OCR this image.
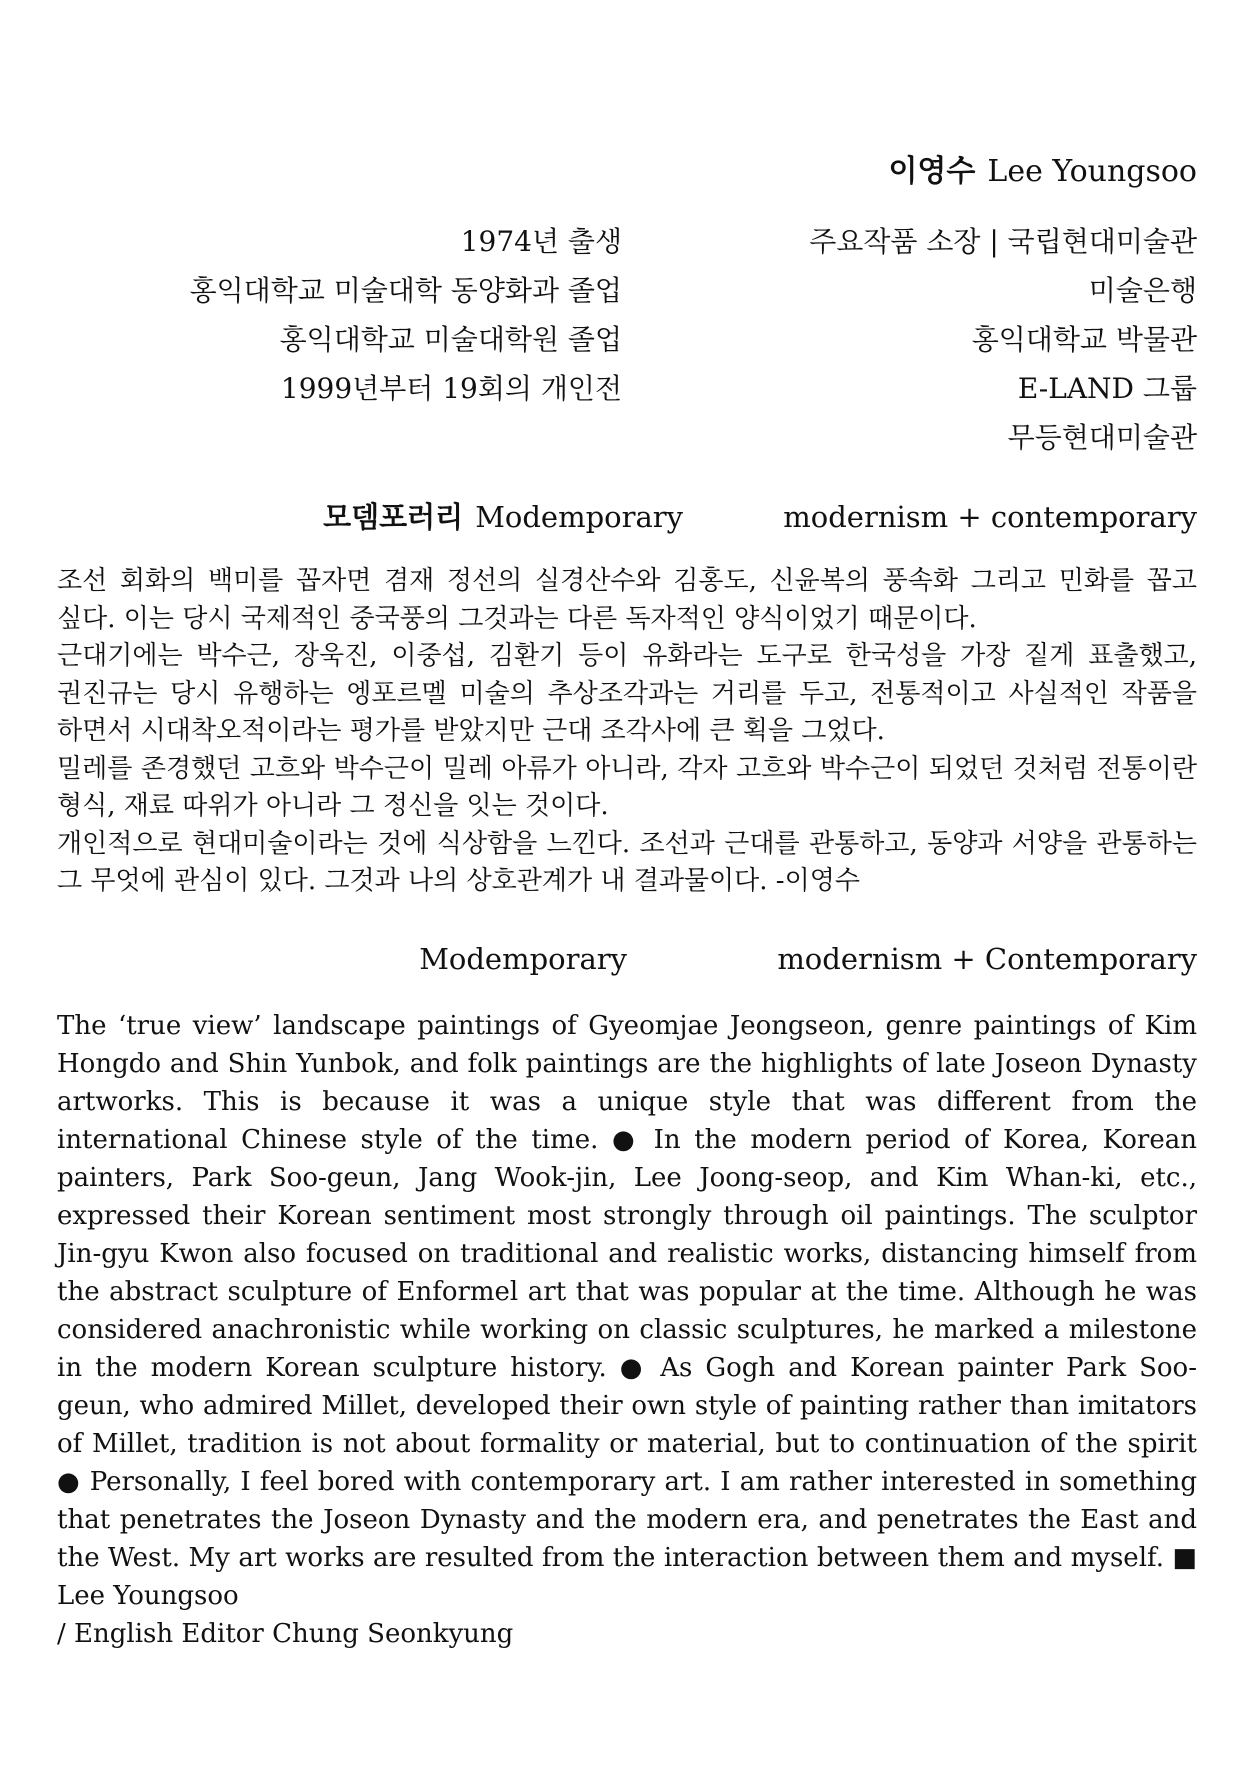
이영수 Lee Youngsoo
1974년 출생
홍익대학교 미술대학 동양화과 졸업
홍익대학교 미술대학원 졸업
1999년부터 19회의 개인전
주요작품 소장 | 국립현대미술관
미술은행
홍익대학교 박물관
E-LAND 그룹
무등현대미술관
모뎀포러리 Modemporary	modernism + contemporary

조선 회화의 백미를 꼽자면 겸재 정선의 실경산수와 김홍도, 신윤복의 풍속화 그리고 민화를 꼽고 싶다. 이는 당시 국제적인 중국풍의 그것과는 다른 독자적인 양식이었기 때문이다.

근대기에는 박수근, 장욱진, 이중섭, 김환기 등이 유화라는 도구로 한국성을 가장 짙게 표출했고, 권진규는 당시 유행하는 엥포르멜 미술의 추상조각과는 거리를 두고, 전통적이고 사실적인 작품을 하면서 시대착오적이라는 평가를 받았지만 근대 조각사에 큰 획을 그었다.

밀레를 존경했던 고흐와 박수근이 밀레 아류가 아니라, 각자 고흐와 박수근이 되었던 것처럼 전통이란 형식, 재료 따위가 아니라 그 정신을 잇는 것이다.

개인적으로 현대미술이라는 것에 식상함을 느낀다. 조선과 근대를 관통하고, 동양과 서양을 관통하는 그 무엇에 관심이 있다. 그것과 나의 상호관계가 내 결과물이다. -이영수

Modemporary	modernism + Contemporary

The ‘true view’ landscape paintings of Gyeomjae Jeongseon, genre paintings of Kim Hongdo and Shin Yunbok, and folk paintings are the highlights of late Joseon Dynasty artworks. This is because it was a unique style that was different from the international Chinese style of the time. ● In the modern period of Korea, Korean painters, Park Soo-geun, Jang Wook-jin, Lee Joong-seop, and Kim Whan-ki, etc., expressed their Korean sentiment most strongly through oil paintings. The sculptor Jin-gyu Kwon also focused on traditional and realistic works, distancing himself from the abstract sculpture of Enformel art that was popular at the time. Although he was considered anachronistic while working on classic sculptures, he marked a milestone in the modern Korean sculpture history. ● As Gogh and Korean painter Park Soo-geun, who admired Millet, developed their own style of painting rather than imitators of Millet, tradition is not about formality or material, but to continuation of the spirit ● Personally, I feel bored with contemporary art. I am rather interested in something that penetrates the Joseon Dynasty and the modern era, and penetrates the East and the West. My art works are resulted from the interaction between them and myself. ■ Lee Youngsoo

/ English Editor Chung Seonkyung
